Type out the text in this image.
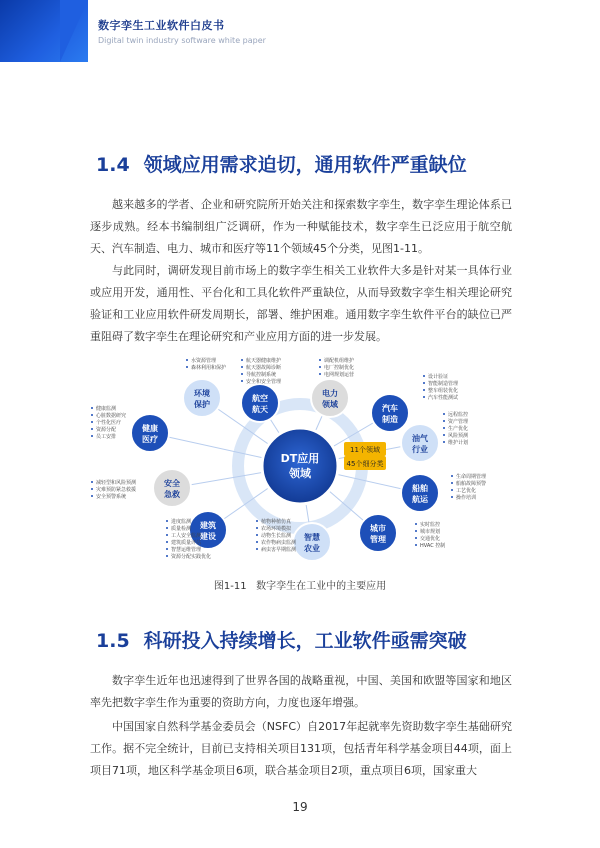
数字孪生工业软件白皮书
Digital twin industry software white paper
1.4 领域应用需求迫切，通用软件严重缺位
越来越多的学者、企业和研究院所开始关注和探索数字孪生，数字孪生理论体系已逐步成熟。经本书编制组广泛调研，作为一种赋能技术，数字孪生已泛应用于航空航天、汽车制造、电力、城市和医疗等11个领域45个分类，见图1-11。
与此同时，调研发现目前市场上的数字孪生相关工业软件大多是针对某一具体行业或应用开发，通用性、平台化和工具化软件严重缺位，从而导致数字孪生相关理论研究验证和工业应用软件研发周期长，部署、维护困难。通用数字孪生软件平台的缺位已严重阻碍了数字孪生在理论研究和产业应用方面的进一步发展。
DT应用
领域
11个领域
45个细分类
航空
航天
航天器健康维护
航天器故障诊断
导航控制系统
安全和安全管理
电力
领域
调配机组维护
电厂控制优化
电网规划运营
汽车
制造
设计验证
智能制造管理
整车组装优化
汽车性能测试
油气
行业
远程监控
资产管理
生产优化
风险预测
维护计划
船舶
航运
生命周期管理
船舶故障预警
工艺优化
操作培训
城市
管理
实时监控
城市规划
交通优化
HVAC 控制
智慧
农业
植物种植仿真
农场环境模拟
动物生长监测
农作物病虫监测
病虫害早期监测
建筑
建设
进度监测
质量检测
工人安全监测
建筑质量评估
智慧运维管理
资源分配实践优化
安全
急救
减轻型和风险预测
灾难预防紧急救援
安全预警系统
健康
医疗
健康监测
心脏数据研究
个性化医疗
资源分配
员工安排
环境
保护
水资源管理
森林利用和保护
图1-11 数字孪生在工业中的主要应用
1.5 科研投入持续增长，工业软件亟需突破
数字孪生近年也迅速得到了世界各国的战略重视，中国、美国和欧盟等国家和地区率先把数字孪生作为重要的资助方向，力度也逐年增强。
中国国家自然科学基金委员会（NSFC）自2017年起就率先资助数字孪生基础研究工作。据不完全统计，目前已支持相关项目131项，包括青年科学基金项目44项，面上项目71项，地区科学基金项目6项，联合基金项目2项，重点项目6项，国家重大
19
